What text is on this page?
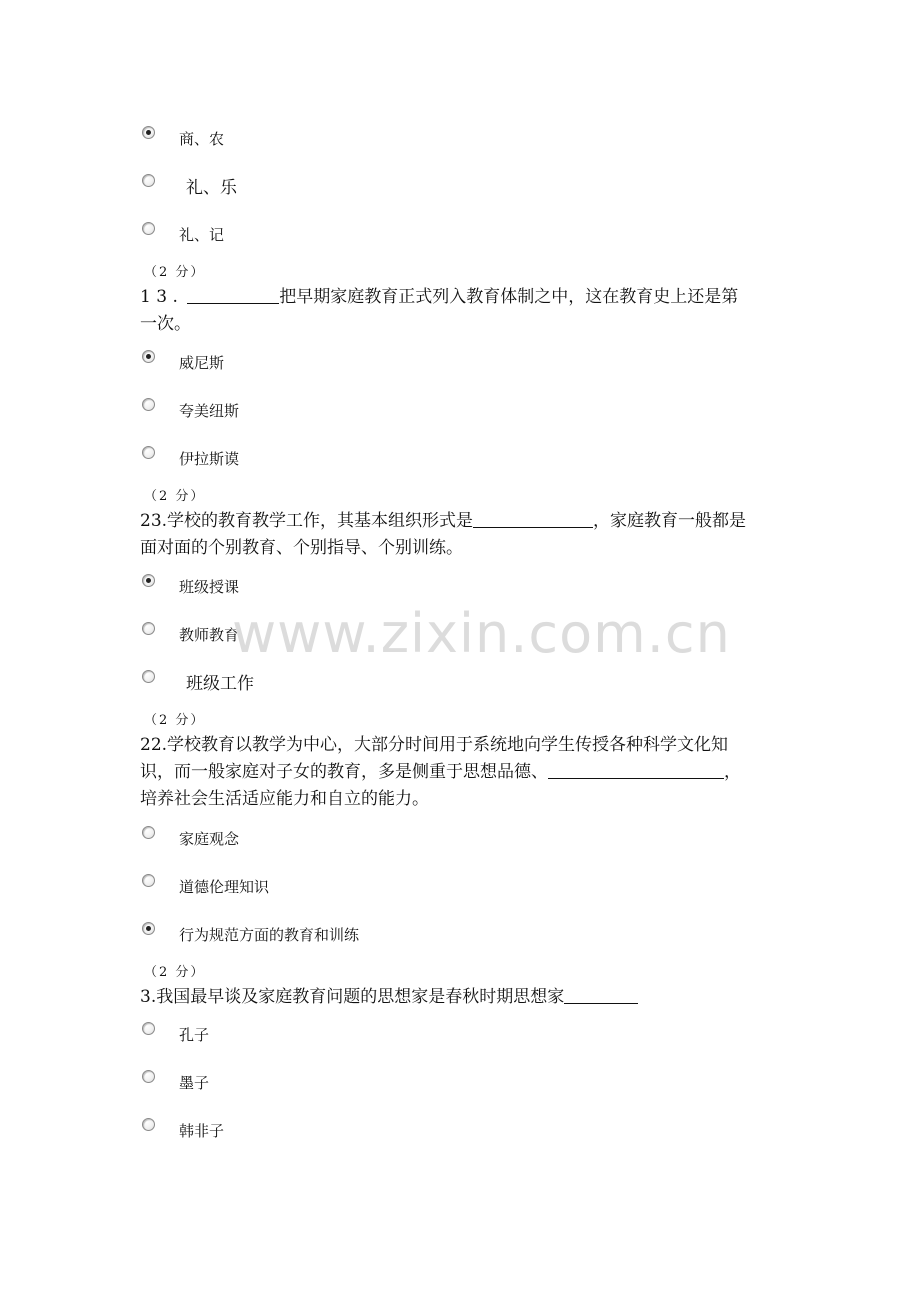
商、农
礼、乐
礼、记
（2 分）
1 3 .	把早期家庭教育正式列入教育体制之中，这在教育史上还是第
一次。
威尼斯
夸美纽斯
伊拉斯谟
（2 分）
23.学校的教育教学工作，其基本组织形式是	，家庭教育一般都是
面对面的个别教育、个别指导、个别训练。
班级授课
教师教育
班级工作
（2 分）
22.学校教育以教学为中心，大部分时间用于系统地向学生传授各种科学文化知
识，而一般家庭对子女的教育，多是侧重于思想品德、	，
培养社会生活适应能力和自立的能力。
家庭观念
道德伦理知识
行为规范方面的教育和训练
（2 分）
3.我国最早谈及家庭教育问题的思想家是春秋时期思想家
孔子
墨子
韩非子
www.zixin.com.cn
